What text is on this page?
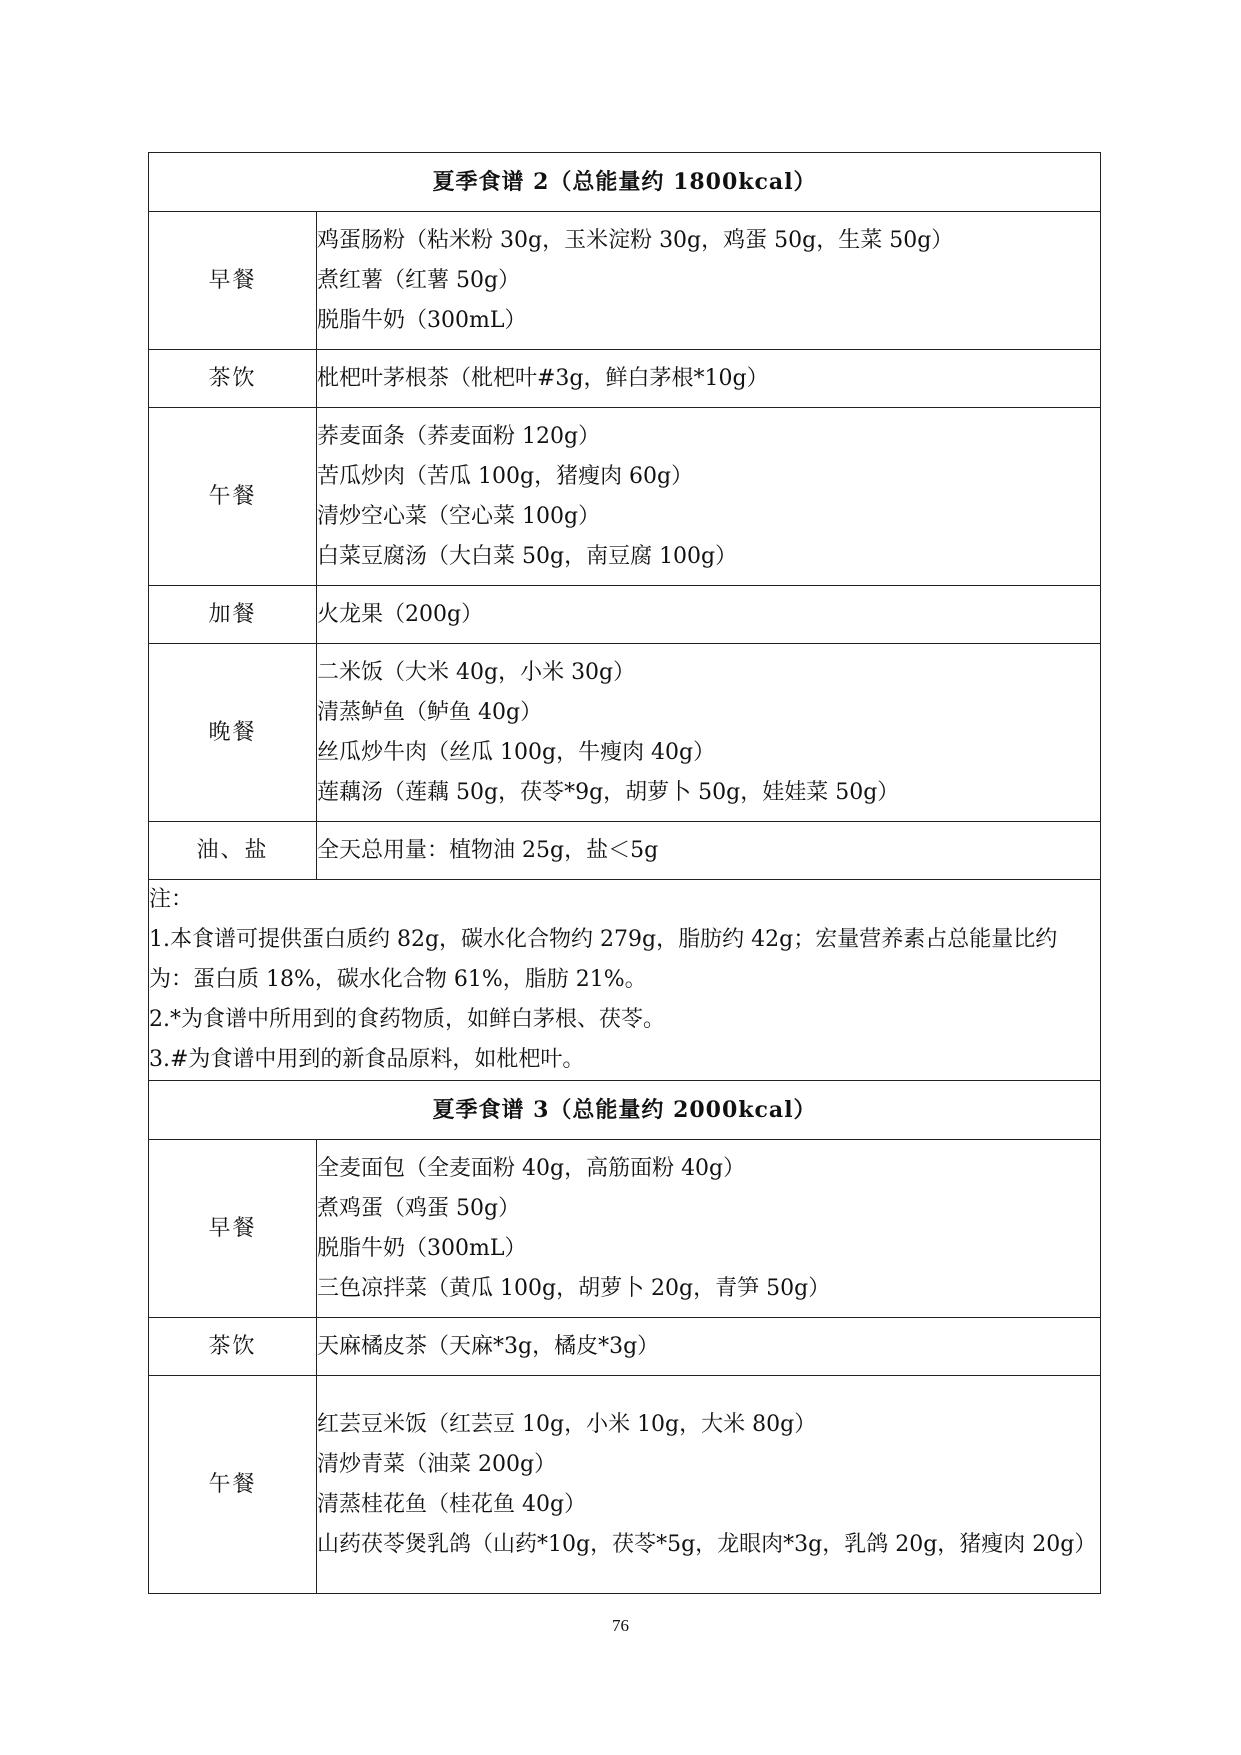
夏季食谱 2（总能量约 1800kcal）	
早餐	鸡蛋肠粉（粘米粉 30g，玉米淀粉 30g，鸡蛋 50g，生菜 50g）
煮红薯（红薯 50g）
脱脂牛奶（300mL）

茶饮	枇杷叶茅根茶（枇杷叶#3g，鲜白茅根*10g）

午餐	荞麦面条（荞麦面粉 120g）
苦瓜炒肉（苦瓜 100g，猪瘦肉 60g）
清炒空心菜（空心菜 100g）
白菜豆腐汤（大白菜 50g，南豆腐 100g）

加餐	火龙果（200g）

晚餐	二米饭（大米 40g，小米 30g）
清蒸鲈鱼（鲈鱼 40g）
丝瓜炒牛肉（丝瓜 100g，牛瘦肉 40g）
莲藕汤（莲藕 50g，茯苓*9g，胡萝卜 50g，娃娃菜 50g）

油、盐	全天总用量：植物油 25g，盐＜5g

注：
1.本食谱可提供蛋白质约 82g，碳水化合物约 279g，脂肪约 42g；宏量营养素占总能量比约为：蛋白质 18%，碳水化合物 61%，脂肪 21%。
2.*为食谱中所用到的食药物质，如鲜白茅根、茯苓。
3.#为食谱中用到的新食品原料，如枇杷叶。	

夏季食谱 3（总能量约 2000kcal）	
早餐	全麦面包（全麦面粉 40g，高筋面粉 40g）
煮鸡蛋（鸡蛋 50g）
脱脂牛奶（300mL）
三色凉拌菜（黄瓜 100g，胡萝卜 20g，青笋 50g）

茶饮	天麻橘皮茶（天麻*3g，橘皮*3g）

午餐	红芸豆米饭（红芸豆 10g，小米 10g，大米 80g）
清炒青菜（油菜 200g）
清蒸桂花鱼（桂花鱼 40g）
山药茯苓煲乳鸽（山药*10g，茯苓*5g，龙眼肉*3g，乳鸽 20g，猪瘦肉 20g）
76
